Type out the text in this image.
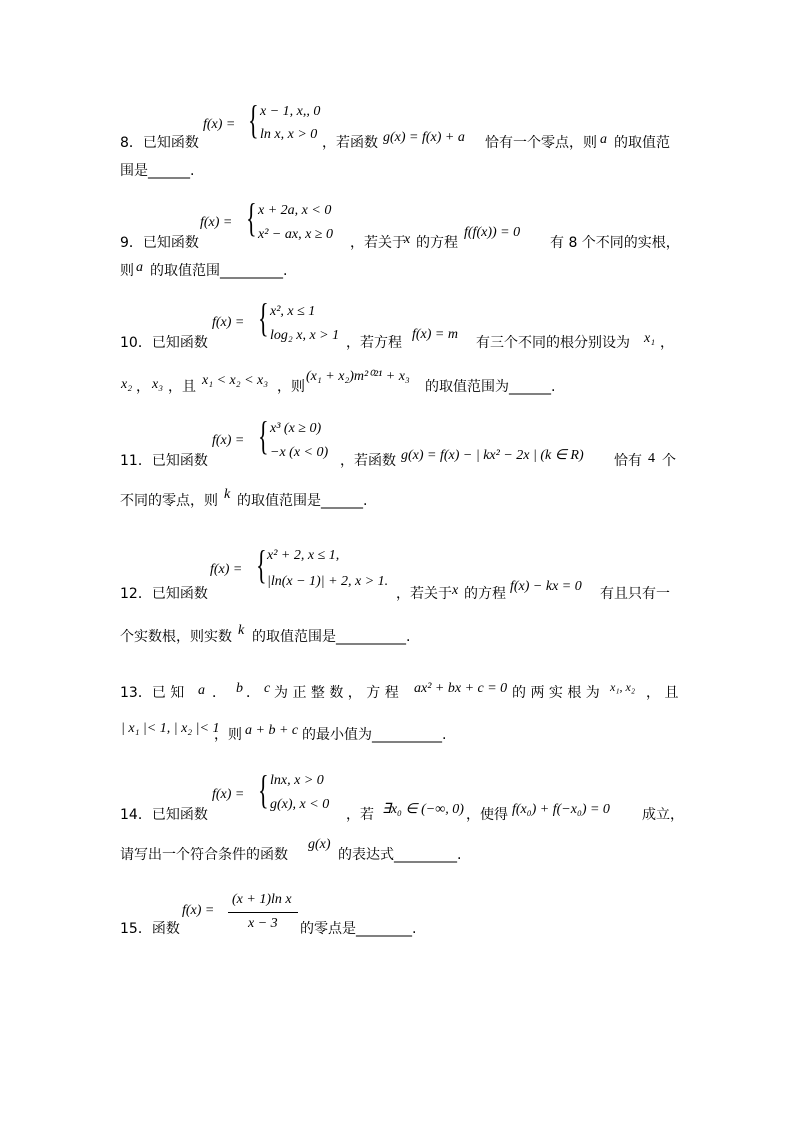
f(x) = { x − 1, x,, 0
ln x, x > 0
8．已知函数	，若函数 g(x) = f(x) + a 恰有一个零点，则 a 的取值范
围是______.
f(x) = { x + 2a, x < 0
x² − ax, x ≥ 0
9．已知函数	，若关于
x 的方程
f(f(x)) = 0
有 8 个不同的实根，
则 a 的取值范围_________.
f(x) = { x², x ≤ 1
log₂ x, x > 1
10．已知函数	，若方程
f(x) = m
有三个不同的根分别设为 x₁ ，
x₂ ， x₃ ，且 x₁ < x₂ < x₃ ，则
(x₁ + x₂)m²⁰²¹ + x₃
的取值范围为______.
f(x) = { x³ (x ≥ 0)
−x (x < 0)
11．已知函数	，若函数 g(x) = f(x) − | kx² − 2x | (k ∈ R) 恰有 4 个
不同的零点，则 k 的取值范围是______.
f(x) = { x² + 2, x ≤ 1,
|ln(x − 1)| + 2, x > 1.
12．已知函数	，若关于 x 的方程 f(x) − kx = 0 有且只有一
个实数根，则实数 k 的取值范围是__________.
13．已 知 a ． b ． c 为 正 整 数 ， 方 程 ax² + bx + c = 0 的 两 实 根 为 x₁, x₂ ， 且
| x₁ |< 1, | x₂ |< 1
，则 a + b + c 的最小值为__________.
f(x) = { lnx, x > 0
g(x), x < 0
14．已知函数	，若 ∃x₀ ∈ (−∞, 0) ，使得 f(x₀) + f(−x₀) = 0 成立，
请写出一个符合条件的函数
g(x)
的表达式_________.
f(x) =
(x + 1)ln x
x − 3
15．函数	的零点是________.
